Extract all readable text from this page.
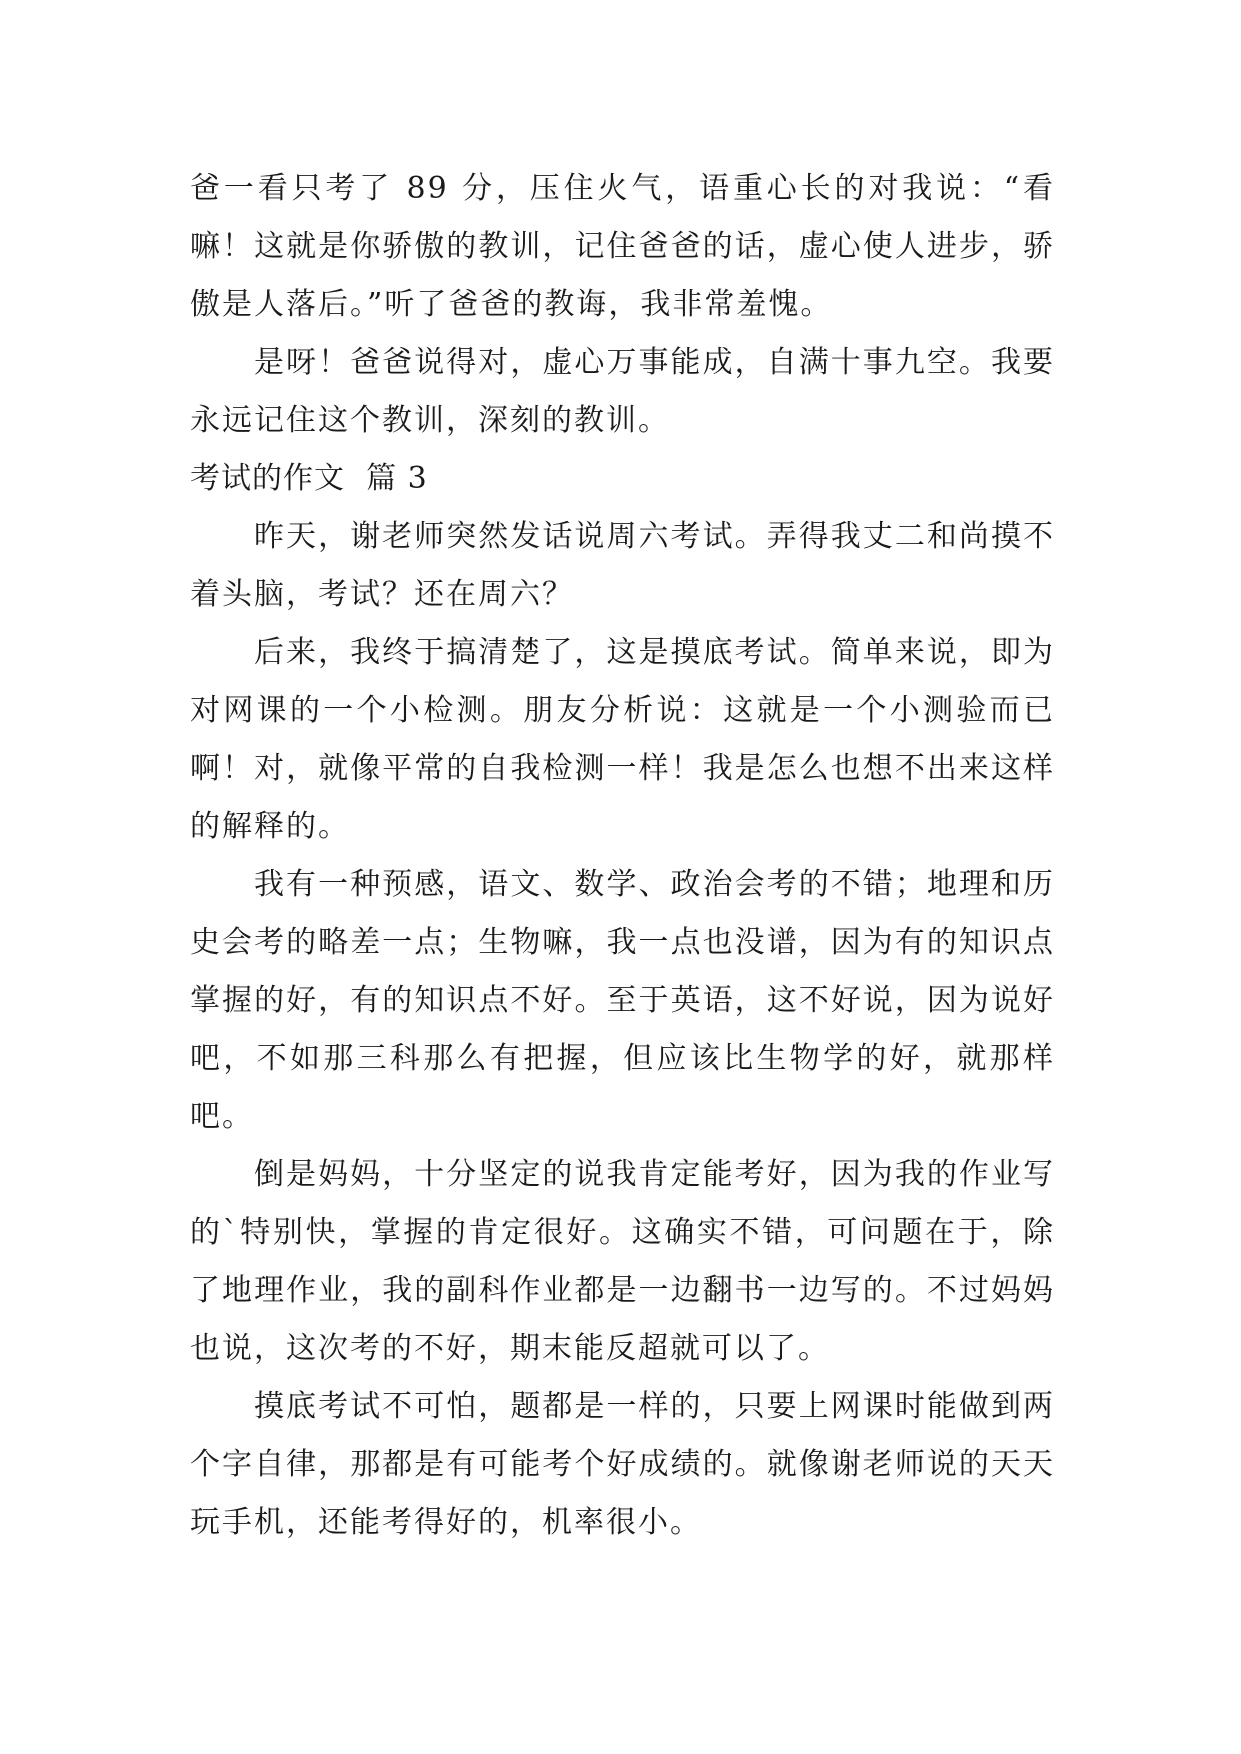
爸一看只考了 89 分，压住火气，语重心长的对我说：“看嘛！这就是你骄傲的教训，记住爸爸的话，虚心使人进步，骄傲是人落后。”听了爸爸的教诲，我非常羞愧。

是呀！爸爸说得对，虚心万事能成，自满十事九空。我要永远记住这个教训，深刻的教训。

考试的作文  篇 3

昨天，谢老师突然发话说周六考试。弄得我丈二和尚摸不着头脑，考试？还在周六？

后来，我终于搞清楚了，这是摸底考试。简单来说，即为对网课的一个小检测。朋友分析说：这就是一个小测验而已啊！对，就像平常的自我检测一样！我是怎么也想不出来这样的解释的。

我有一种预感，语文、数学、政治会考的不错；地理和历史会考的略差一点；生物嘛，我一点也没谱，因为有的知识点掌握的好，有的知识点不好。至于英语，这不好说，因为说好吧，不如那三科那么有把握，但应该比生物学的好，就那样吧。

倒是妈妈，十分坚定的说我肯定能考好，因为我的作业写的`特别快，掌握的肯定很好。这确实不错，可问题在于，除了地理作业，我的副科作业都是一边翻书一边写的。不过妈妈也说，这次考的不好，期末能反超就可以了。

摸底考试不可怕，题都是一样的，只要上网课时能做到两个字自律，那都是有可能考个好成绩的。就像谢老师说的天天玩手机，还能考得好的，机率很小。
